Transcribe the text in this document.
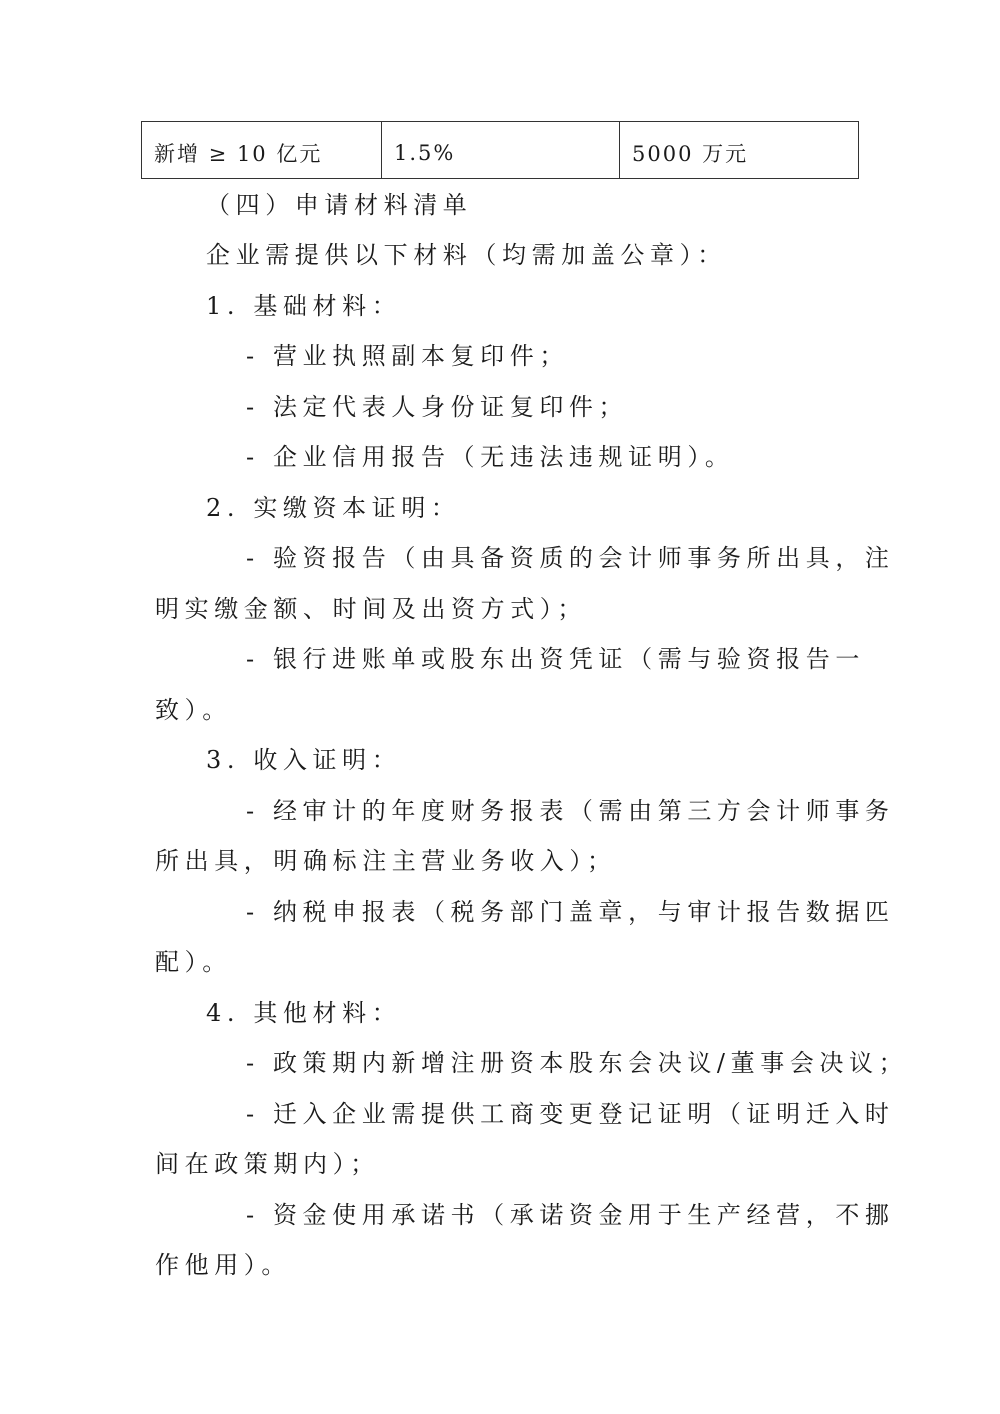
新增 ≥ 10 亿元	1.5%	5000 万元
（四）申请材料清单
企业需提供以下材料（均需加盖公章）：
1. 基础材料：
- 营业执照副本复印件；
- 法定代表人身份证复印件；
- 企业信用报告（无违法违规证明）。
2. 实缴资本证明：
- 验资报告（由具备资质的会计师事务所出具，注
明实缴金额、时间及出资方式）；
- 银行进账单或股东出资凭证（需与验资报告一
致）。
3. 收入证明：
- 经审计的年度财务报表（需由第三方会计师事务
所出具，明确标注主营业务收入）；
- 纳税申报表（税务部门盖章，与审计报告数据匹
配）。
4. 其他材料：
- 政策期内新增注册资本股东会决议/董事会决议；
- 迁入企业需提供工商变更登记证明（证明迁入时
间在政策期内）；
- 资金使用承诺书（承诺资金用于生产经营，不挪
作他用）。
